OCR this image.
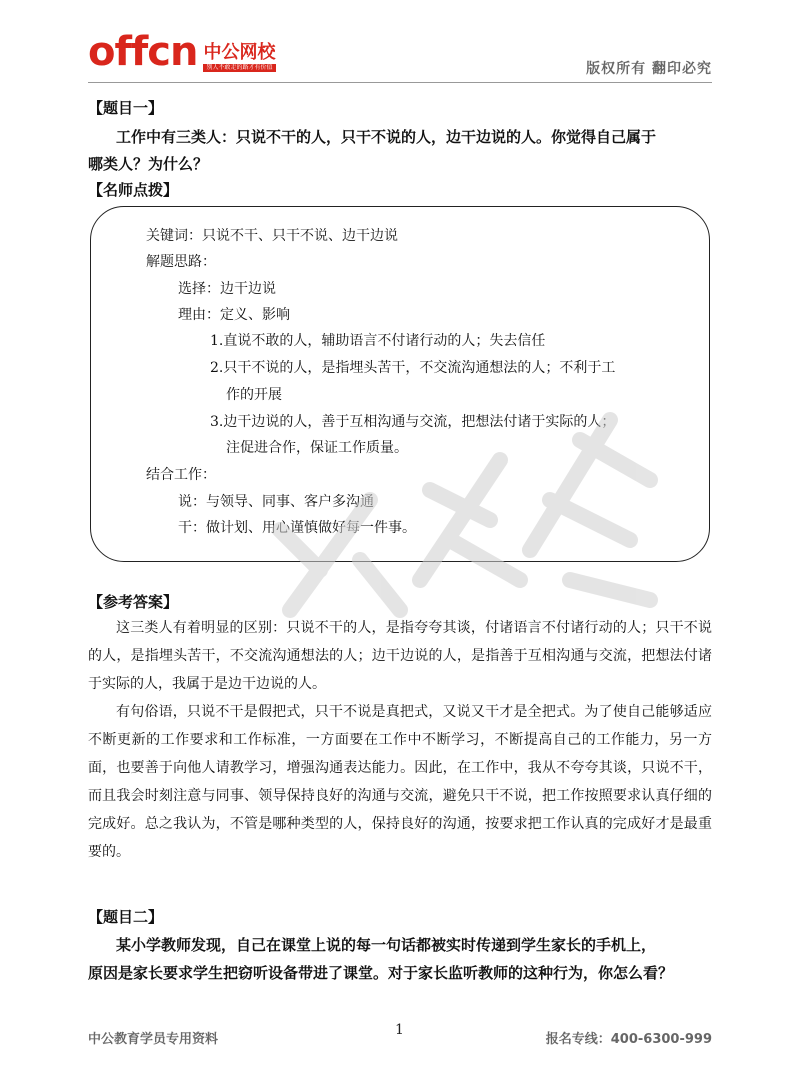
offcn 中公网校
别人不敢走的路才有价值	版权所有 翻印必究
【题目一】
工作中有三类人：只说不干的人，只干不说的人，边干边说的人。你觉得自己属于
哪类人？为什么？
【名师点拨】
关键词：只说不干、只干不说、边干边说
解题思路：
选择：边干边说
理由：定义、影响
1.直说不敢的人，辅助语言不付诸行动的人；失去信任
2.只干不说的人，是指埋头苦干，不交流沟通想法的人；不利于工
作的开展
3.边干边说的人，善于互相沟通与交流，把想法付诸于实际的人；
注促进合作，保证工作质量。
结合工作：
说：与领导、同事、客户多沟通
干：做计划、用心谨慎做好每一件事。
【参考答案】

这三类人有着明显的区别：只说不干的人，是指夸夸其谈，付诸语言不付诸行动的人；只干不说的人，是指埋头苦干，不交流沟通想法的人；边干边说的人，是指善于互相沟通与交流，把想法付诸于实际的人，我属于是边干边说的人。

有句俗语，只说不干是假把式，只干不说是真把式，又说又干才是全把式。为了使自己能够适应不断更新的工作要求和工作标准，一方面要在工作中不断学习，不断提高自己的工作能力，另一方面，也要善于向他人请教学习，增强沟通表达能力。因此，在工作中，我从不夸夸其谈，只说不干，而且我会时刻注意与同事、领导保持良好的沟通与交流，避免只干不说，把工作按照要求认真仔细的完成好。总之我认为，不管是哪种类型的人，保持良好的沟通，按要求把工作认真的完成好才是最重要的。

【题目二】
某小学教师发现，自己在课堂上说的每一句话都被实时传递到学生家长的手机上，
原因是家长要求学生把窃听设备带进了课堂。对于家长监听教师的这种行为，你怎么看？
中公教育学员专用资料
1
报名专线：400-6300-999
